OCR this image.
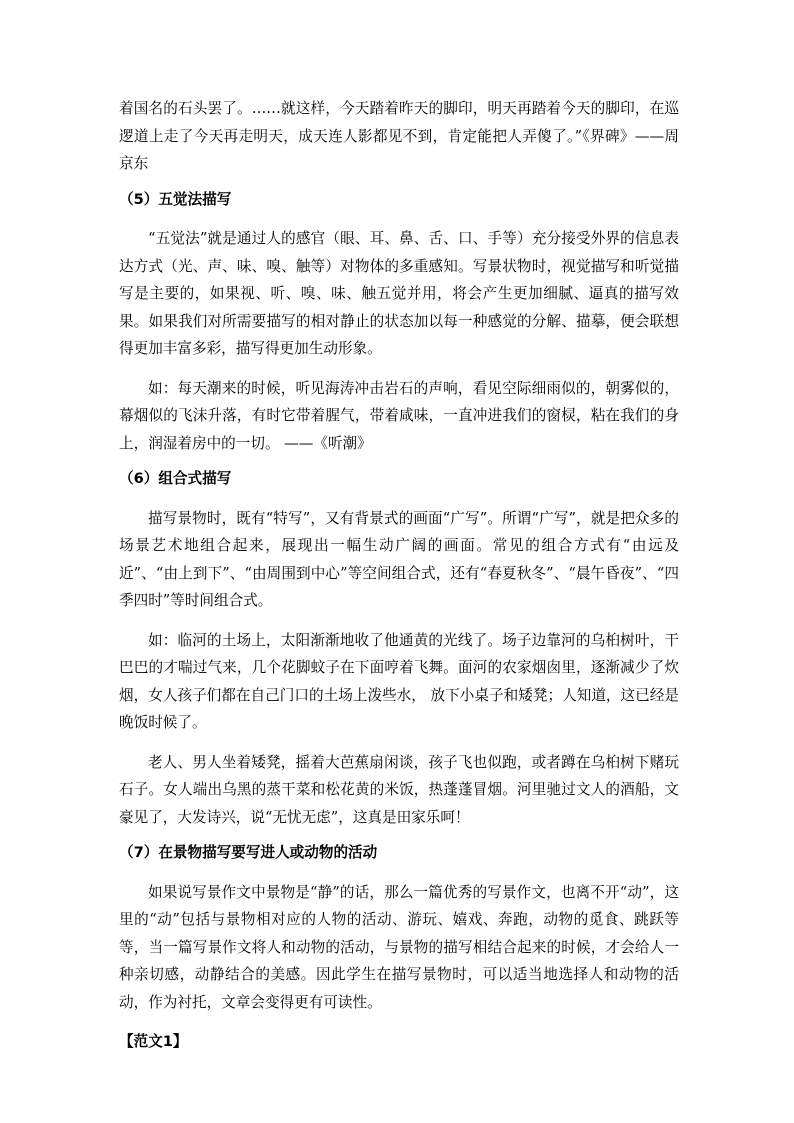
着国名的石头罢了。……就这样，今天踏着昨天的脚印，明天再踏着今天的脚印，在巡逻道上走了今天再走明天，成天连人影都见不到，肯定能把人弄傻了。”《界碑》——周京东

（5）五觉法描写

“五觉法”就是通过人的感官（眼、耳、鼻、舌、口、手等）充分接受外界的信息表达方式（光、声、味、嗅、触等）对物体的多重感知。写景状物时，视觉描写和听觉描写是主要的，如果视、听、嗅、味、触五觉并用，将会产生更加细腻、逼真的描写效果。如果我们对所需要描写的相对静止的状态加以每一种感觉的分解、描摹，便会联想得更加丰富多彩，描写得更加生动形象。

如：每天潮来的时候，听见海涛冲击岩石的声响，看见空际细雨似的，朝雾似的，幕烟似的飞沫升落，有时它带着腥气，带着咸味，一直冲进我们的窗棂，粘在我们的身上，润湿着房中的一切。 ——《听潮》

（6）组合式描写

描写景物时，既有“特写”，又有背景式的画面“广写”。所谓“广写”，就是把众多的场景艺术地组合起来，展现出一幅生动广阔的画面。常见的组合方式有“由远及近”、“由上到下”、“由周围到中心”等空间组合式，还有“春夏秋冬”、“晨午昏夜”、“四季四时”等时间组合式。

如：临河的土场上，太阳渐渐地收了他通黄的光线了。场子边靠河的乌桕树叶，干巴巴的才喘过气来，几个花脚蚊子在下面哼着飞舞。面河的农家烟囱里，逐渐减少了炊烟，女人孩子们都在自己门口的土场上泼些水， 放下小桌子和矮凳；人知道，这已经是晚饭时候了。

老人、男人坐着矮凳，摇着大芭蕉扇闲谈，孩子飞也似跑，或者蹲在乌桕树下赌玩石子。女人端出乌黑的蒸干菜和松花黄的米饭，热蓬蓬冒烟。河里驰过文人的酒船，文豪见了，大发诗兴，说“无忧无虑”，这真是田家乐呵！

（7）在景物描写要写进人或动物的活动

如果说写景作文中景物是“静”的话，那么一篇优秀的写景作文，也离不开“动”，这里的“动”包括与景物相对应的人物的活动、游玩、嬉戏、奔跑，动物的觅食、跳跃等等，当一篇写景作文将人和动物的活动，与景物的描写相结合起来的时候，才会给人一种亲切感，动静结合的美感。因此学生在描写景物时，可以适当地选择人和动物的活动，作为衬托，文章会变得更有可读性。

【范文1】
